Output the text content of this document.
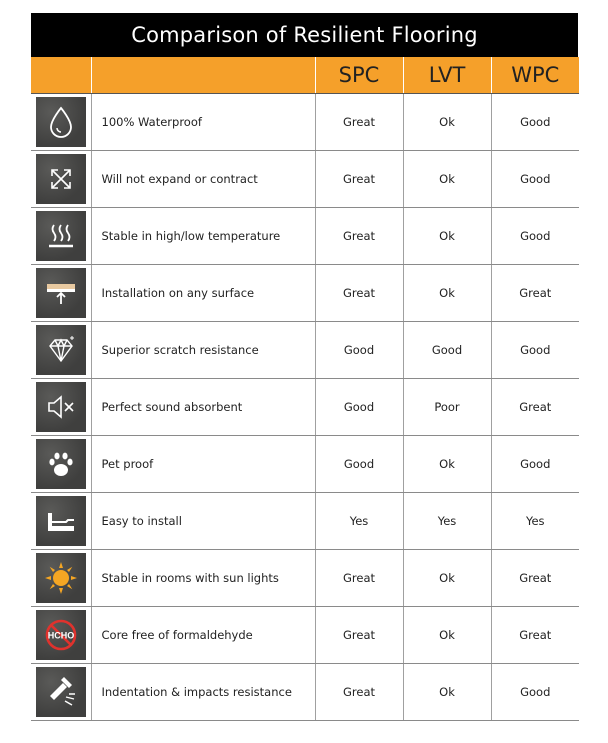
Comparison of Resilient Flooring
		SPC	LVT	WPC

	100% Waterproof	Great	Ok	Good

	Will not expand or contract	Great	Ok	Good

	Stable in high/low temperature	Great	Ok	Good

	Installation on any surface	Great	Ok	Great

	Superior scratch resistance	Good	Good	Good

	Perfect sound absorbent	Good	Poor	Great

	Pet proof	Good	Ok	Good

	Easy to install	Yes	Yes	Yes

	Stable in rooms with sun lights	Great	Ok	Great

HCHO	Core free of formaldehyde	Great	Ok	Great

	Indentation & impacts resistance	Great	Ok	Good
